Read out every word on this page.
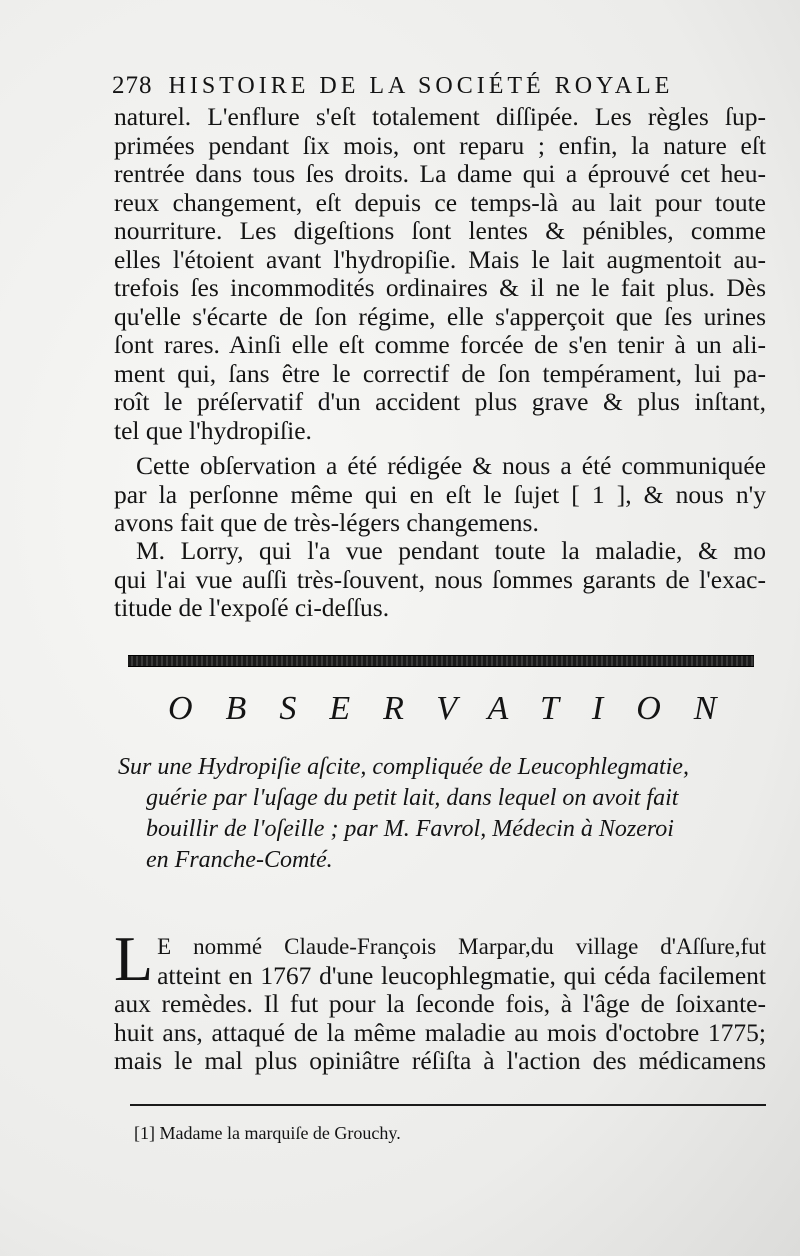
278 HISTOIRE DE LA SOCIÉTÉ ROYALE
naturel. L'enflure s'eſt totalement diſſipée. Les règles ſup-
primées pendant ſix mois, ont reparu ; enfin, la nature eſt
rentrée dans tous ſes droits. La dame qui a éprouvé cet heu-
reux changement, eſt depuis ce temps-là au lait pour toute
nourriture. Les digeſtions ſont lentes & pénibles, comme
elles l'étoient avant l'hydropiſie. Mais le lait augmentoit au-
trefois ſes incommodités ordinaires & il ne le fait plus. Dès
qu'elle s'écarte de ſon régime, elle s'apperçoit que ſes urines
ſont rares. Ainſi elle eſt comme forcée de s'en tenir à un ali-
ment qui, ſans être le correctif de ſon tempérament, lui pa-
roît le préſervatif d'un accident plus grave & plus inſtant,
tel que l'hydropiſie.
Cette obſervation a été rédigée & nous a été communiquée
par la perſonne même qui en eſt le ſujet [ 1 ], & nous n'y
avons fait que de très-légers changemens.
M. Lorry, qui l'a vue pendant toute la maladie, & mo
qui l'ai vue auſſi très-ſouvent, nous ſommes garants de l'exac-
titude de l'expoſé ci-deſſus.
OBSERVATION
Sur une Hydropiſie aſcite, compliquée de Leucophlegmatie,
guérie par l'uſage du petit lait, dans lequel on avoit fait
bouillir de l'oſeille ; par M. Favrol, Médecin à Nozeroi
en Franche-Comté.
L E nommé Claude-François Marpar,du village d'Aſſure,fut
atteint en 1767 d'une leucophlegmatie, qui céda facilement
aux remèdes. Il fut pour la ſeconde fois, à l'âge de ſoixante-
huit ans, attaqué de la même maladie au mois d'octobre 1775;
mais le mal plus opiniâtre réſiſta à l'action des médicamens
[1] Madame la marquiſe de Grouchy.
